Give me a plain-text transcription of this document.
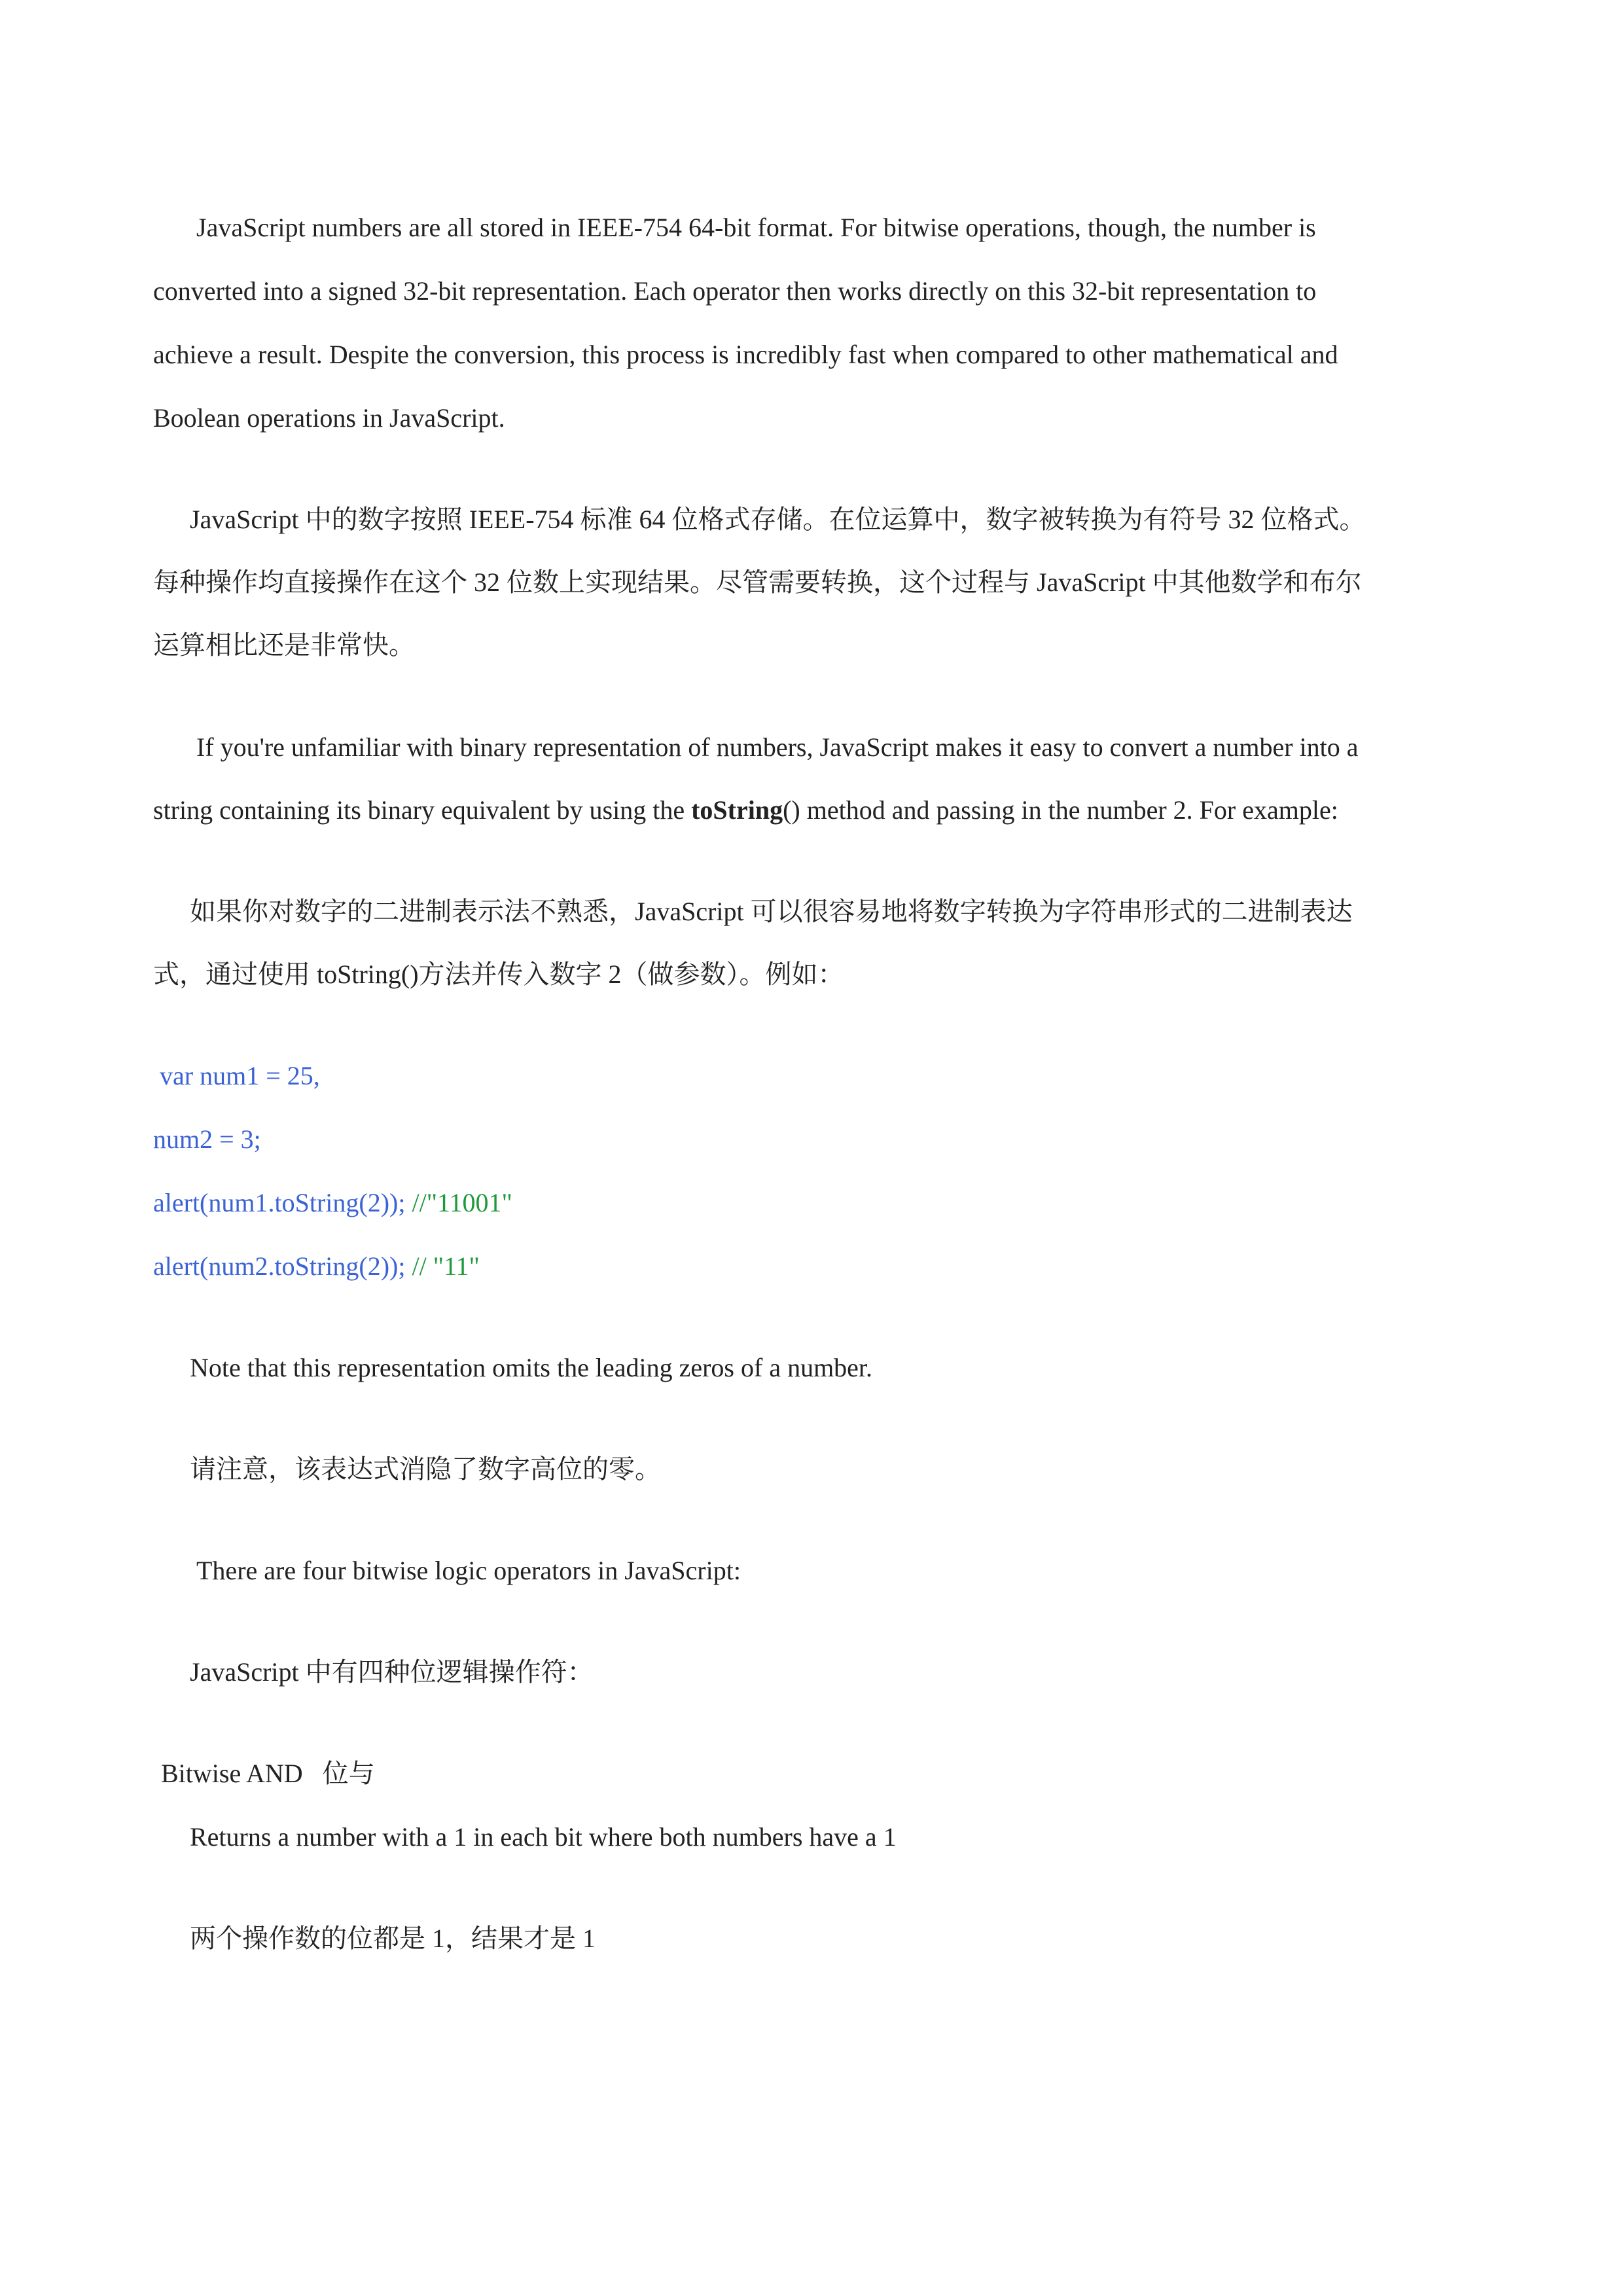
JavaScript numbers are all stored in IEEE-754 64-bit format. For bitwise operations, though, the number is
converted into a signed 32-bit representation. Each operator then works directly on this 32-bit representation to
achieve a result. Despite the conversion, this process is incredibly fast when compared to other mathematical and
Boolean operations in JavaScript.
JavaScript 中的数字按照 IEEE-754 标准 64 位格式存储。在位运算中，数字被转换为有符号 32 位格式。
每种操作均直接操作在这个 32 位数上实现结果。尽管需要转换，这个过程与 JavaScript 中其他数学和布尔
运算相比还是非常快。
If you're unfamiliar with binary representation of numbers, JavaScript makes it easy to convert a number into a
string containing its binary equivalent by using the toString() method and passing in the number 2. For example:
如果你对数字的二进制表示法不熟悉，JavaScript 可以很容易地将数字转换为字符串形式的二进制表达
式，通过使用 toString()方法并传入数字 2（做参数）。例如：
var num1 = 25,
num2 = 3;
alert(num1.toString(2)); //"11001"
alert(num2.toString(2)); // "11"
Note that this representation omits the leading zeros of a number.
请注意，该表达式消隐了数字高位的零。
There are four bitwise logic operators in JavaScript:
JavaScript 中有四种位逻辑操作符：
Bitwise AND   位与
Returns a number with a 1 in each bit where both numbers have a 1
两个操作数的位都是 1，结果才是 1
